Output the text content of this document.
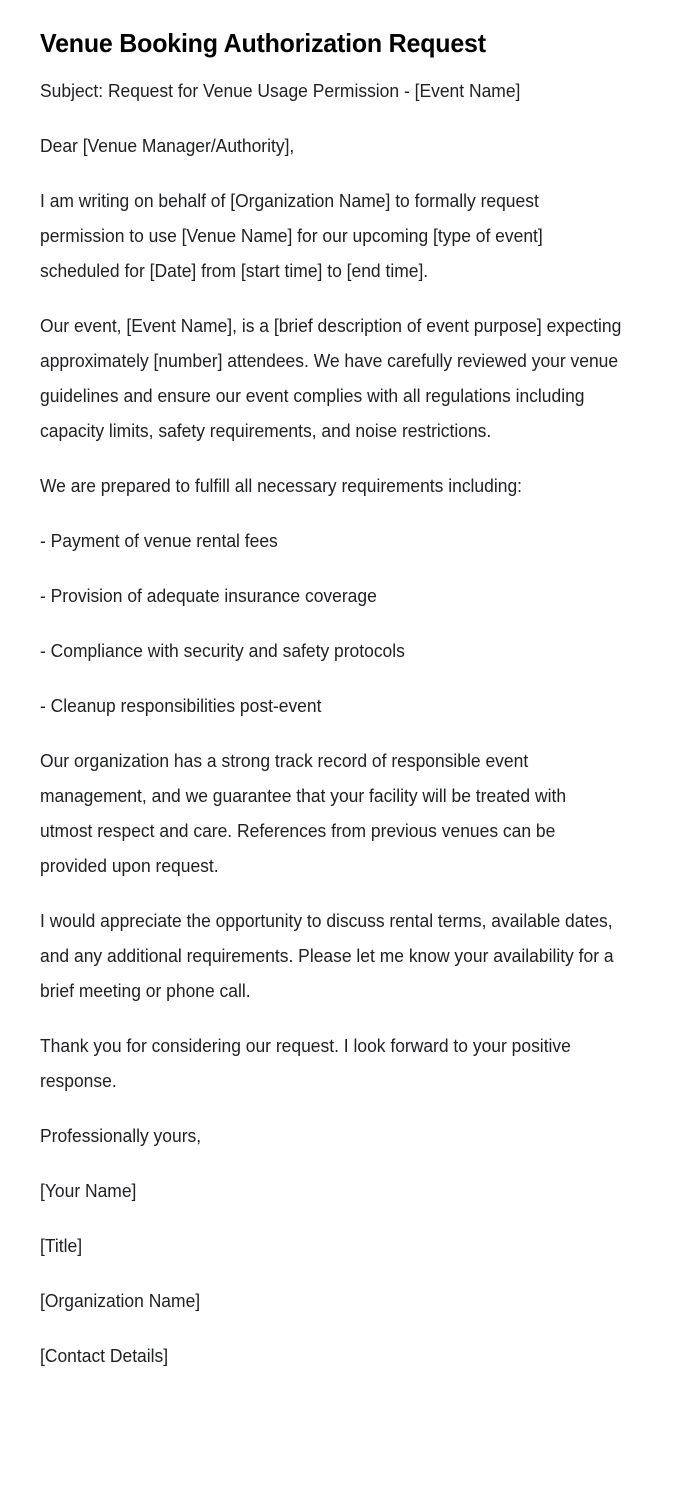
Venue Booking Authorization Request

Subject: Request for Venue Usage Permission - [Event Name]

Dear [Venue Manager/Authority],

I am writing on behalf of [Organization Name] to formally request permission to use [Venue Name] for our upcoming [type of event] scheduled for [Date] from [start time] to [end time].

Our event, [Event Name], is a [brief description of event purpose] expecting approximately [number] attendees. We have carefully reviewed your venue guidelines and ensure our event complies with all regulations including capacity limits, safety requirements, and noise restrictions.

We are prepared to fulfill all necessary requirements including:

- Payment of venue rental fees

- Provision of adequate insurance coverage

- Compliance with security and safety protocols

- Cleanup responsibilities post-event

Our organization has a strong track record of responsible event management, and we guarantee that your facility will be treated with utmost respect and care. References from previous venues can be provided upon request.

I would appreciate the opportunity to discuss rental terms, available dates, and any additional requirements. Please let me know your availability for a brief meeting or phone call.

Thank you for considering our request. I look forward to your positive response.

Professionally yours,

[Your Name]

[Title]

[Organization Name]

[Contact Details]
